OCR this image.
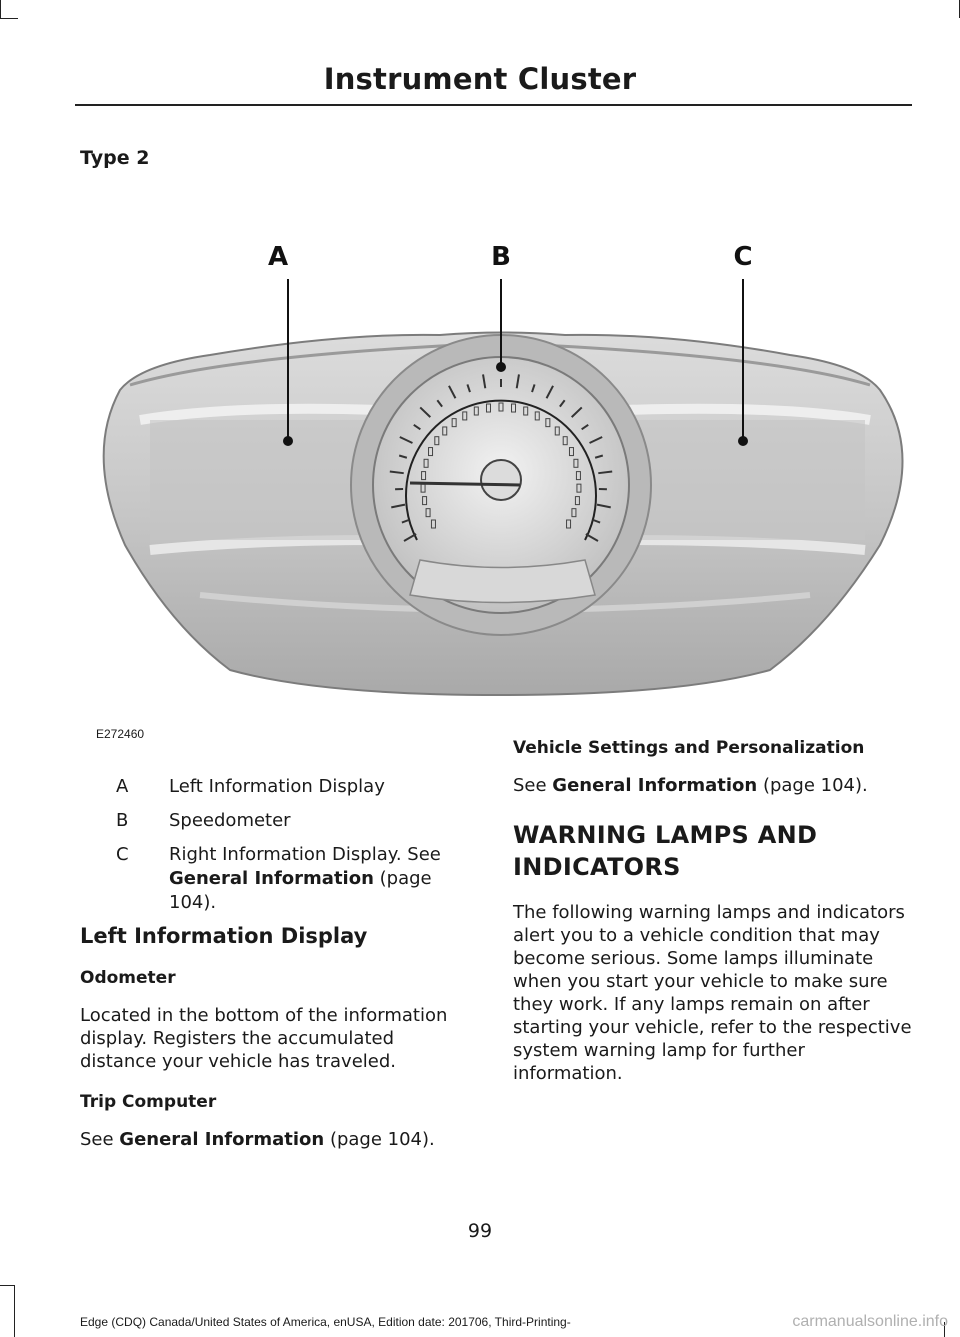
Instrument Cluster
Type 2
A	B	C
E272460
A	Left Information Display
B	Speedometer
C	Right Information Display. See
General Information (page 104).
Left Information Display
Odometer
Located in the bottom of the information display. Registers the accumulated distance your vehicle has traveled.
Trip Computer
See General Information (page 104).
Vehicle Settings and Personalization
See General Information (page 104).
WARNING LAMPS AND INDICATORS
The following warning lamps and indicators alert you to a vehicle condition that may become serious. Some lamps illuminate when you start your vehicle to make sure they work. If any lamps remain on after starting your vehicle, refer to the respective system warning lamp for further information.
99
Edge (CDQ) Canada/United States of America, enUSA, Edition date: 201706, Third-Printing-	carmanualsonline.info
